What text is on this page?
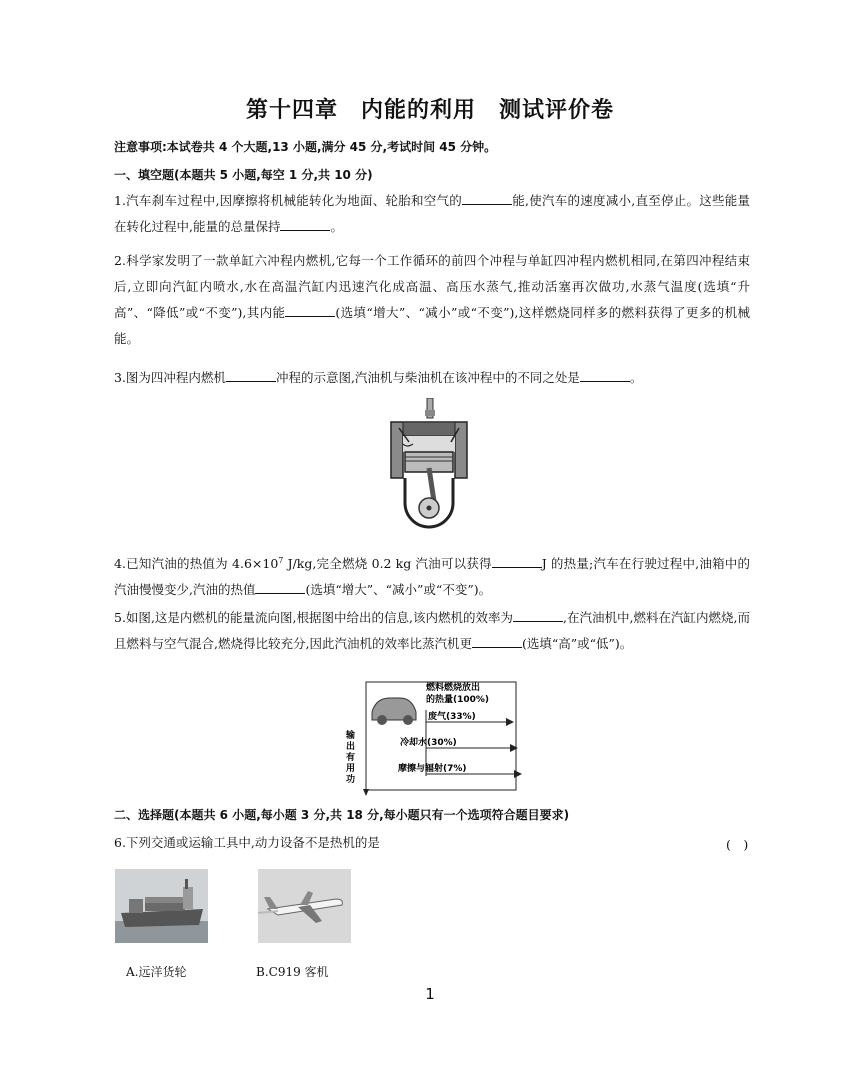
第十四章　内能的利用　测试评价卷
注意事项:本试卷共 4 个大题,13 小题,满分 45 分,考试时间 45 分钟。
一、填空题(本题共 5 小题,每空 1 分,共 10 分)

1.汽车刹车过程中,因摩擦将机械能转化为地面、轮胎和空气的	能,使汽车的速度减小,直至停止。这些能量在转化过程中,能量的总量保持	。

2.科学家发明了一款单缸六冲程内燃机,它每一个工作循环的前四个冲程与单缸四冲程内燃机相同,在第四冲程结束后,立即向汽缸内喷水,水在高温汽缸内迅速汽化成高温、高压水蒸气,推动活塞再次做功,水蒸气温度(选填“升高”、“降低”或“不变”),其内能	(选填“增大”、“减小”或“不变”),这样燃烧同样多的燃料获得了更多的机械能。

3.图为四冲程内燃机	冲程的示意图,汽油机与柴油机在该冲程中的不同之处是	。

4.已知汽油的热值为 $4.6\times 10^7$ J/kg,完全燃烧 0.2 kg 汽油可以获得	J 的热量;汽车在行驶过程中,油箱中的汽油慢慢变少,汽油的热值	(选填“增大”、“减小”或“不变”)。

5.如图,这是内燃机的能量流向图,根据图中给出的信息,该内燃机的效率为	,在汽油机中,燃料在汽缸内燃烧,而且燃料与空气混合,燃烧得比较充分,因此汽油机的效率比蒸汽机更	(选填“高”或“低”)。

燃料燃烧放出
的热量(100%)
废气(33%)
冷却水(30%)
摩擦与辐射(7%)
输
出
有
用
功
二、选择题(本题共 6 小题,每小题 3 分,共 18 分,每小题只有一个选项符合题目要求)
6.下列交通或运输工具中,动力设备不是热机的是	(　)
A.远洋货轮	B.C919 客机
1
